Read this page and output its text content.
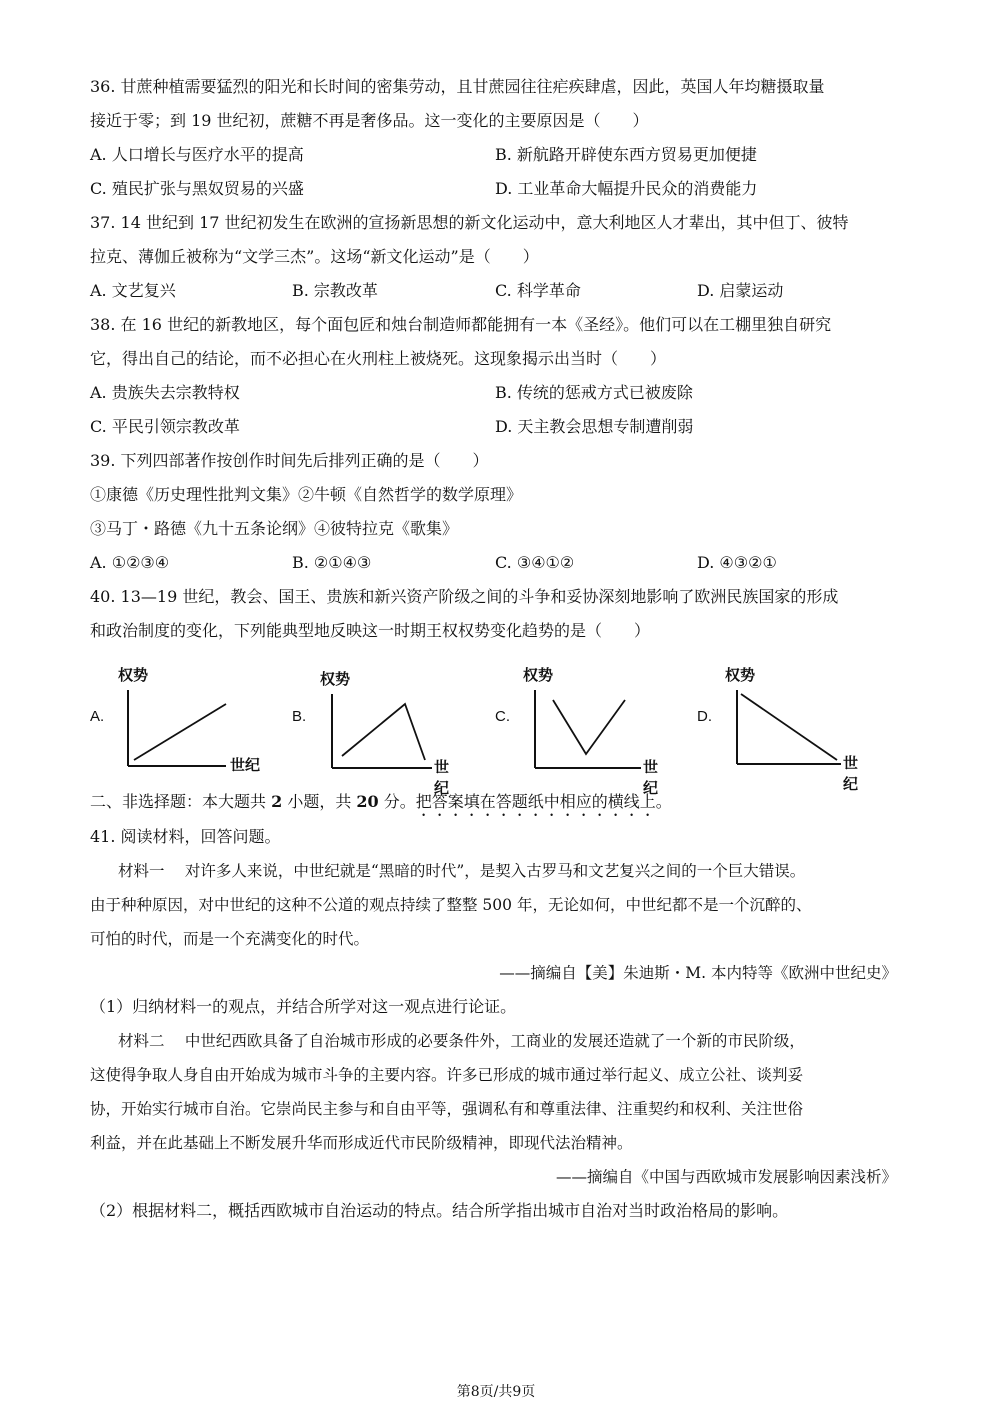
36. 甘蔗种植需要猛烈的阳光和长时间的密集劳动，且甘蔗园往往疟疾肆虐，因此，英国人年均糖摄取量
接近于零；到 19 世纪初，蔗糖不再是奢侈品。这一变化的主要原因是（　　）
A. 人口增长与医疗水平的提高	B. 新航路开辟使东西方贸易更加便捷
C. 殖民扩张与黑奴贸易的兴盛	D. 工业革命大幅提升民众的消费能力
37. 14 世纪到 17 世纪初发生在欧洲的宣扬新思想的新文化运动中，意大利地区人才辈出，其中但丁、彼特
拉克、薄伽丘被称为“文学三杰”。这场“新文化运动”是（　　）
A. 文艺复兴	B. 宗教改革	C. 科学革命	D. 启蒙运动
38. 在 16 世纪的新教地区，每个面包匠和烛台制造师都能拥有一本《圣经》。他们可以在工棚里独自研究
它，得出自己的结论，而不必担心在火刑柱上被烧死。这现象揭示出当时（　　）
A. 贵族失去宗教特权	B. 传统的惩戒方式已被废除
C. 平民引领宗教改革	D. 天主教会思想专制遭削弱
39. 下列四部著作按创作时间先后排列正确的是（　　）
①康德《历史理性批判文集》②牛顿《自然哲学的数学原理》
③马丁・路德《九十五条论纲》④彼特拉克《歌集》
A. ①②③④	B. ②①④③	C. ③④①②	D. ④③②①
40. 13—19 世纪，教会、国王、贵族和新兴资产阶级之间的斗争和妥协深刻地影响了欧洲民族国家的形成
和政治制度的变化，下列能典型地反映这一时期王权权势变化趋势的是（　　）
A.
权势
世纪
B.
权势
世纪
C.
权势
世纪
D.
权势
世纪
二、非选择题：本大题共 2 小题，共 20 分。把答案填在答题纸中相应的横线上。
41. 阅读材料，回答问题。
材料一　 对许多人来说，中世纪就是“黑暗的时代”，是契入古罗马和文艺复兴之间的一个巨大错误。
由于种种原因，对中世纪的这种不公道的观点持续了整整 500 年，无论如何，中世纪都不是一个沉醉的、
可怕的时代，而是一个充满变化的时代。
——摘编自【美】朱迪斯・M. 本内特等《欧洲中世纪史》
（1）归纳材料一的观点，并结合所学对这一观点进行论证。
材料二　 中世纪西欧具备了自治城市形成的必要条件外，工商业的发展还造就了一个新的市民阶级，
这使得争取人身自由开始成为城市斗争的主要内容。许多已形成的城市通过举行起义、成立公社、谈判妥
协，开始实行城市自治。它崇尚民主参与和自由平等，强调私有和尊重法律、注重契约和权利、关注世俗
利益，并在此基础上不断发展升华而形成近代市民阶级精神，即现代法治精神。
——摘编自《中国与西欧城市发展影响因素浅析》
（2）根据材料二，概括西欧城市自治运动的特点。结合所学指出城市自治对当时政治格局的影响。
第8页/共9页
